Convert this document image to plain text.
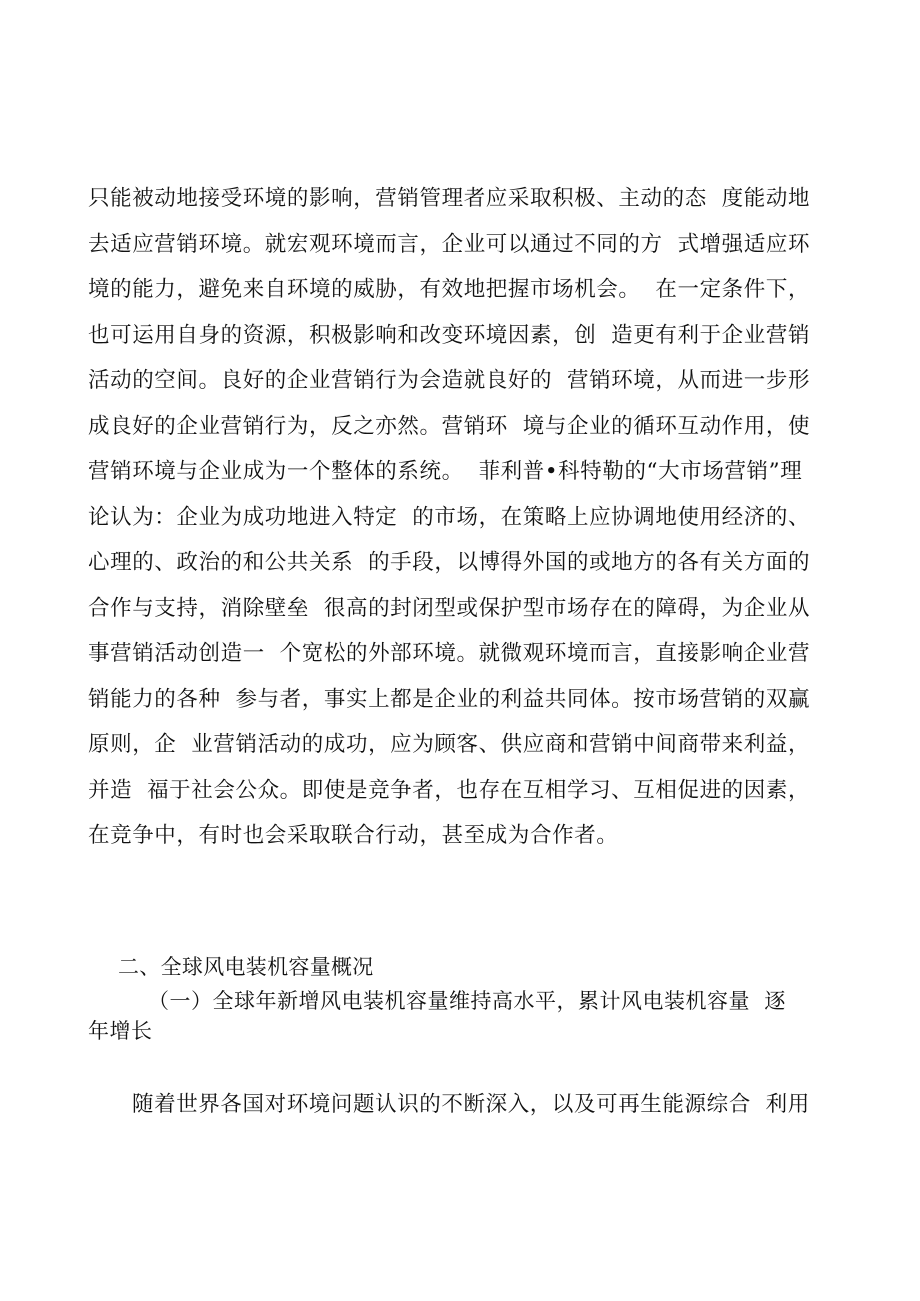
只能被动地接受环境的影响，营销管理者应采取积极、主动的态  度能动地
去适应营销环境。就宏观环境而言，企业可以通过不同的方  式增强适应环
境的能力，避免来自环境的威胁，有效地把握市场机会。  在一定条件下，
也可运用自身的资源，积极影响和改变环境因素，创  造更有利于企业营销
活动的空间。良好的企业营销行为会造就良好的  营销环境，从而进一步形
成良好的企业营销行为，反之亦然。营销环  境与企业的循环互动作用，使
营销环境与企业成为一个整体的系统。  菲利普•科特勒的“大市场营销”理
论认为：企业为成功地进入特定  的市场，在策略上应协调地使用经济的、
心理的、政治的和公共关系  的手段，以博得外国的或地方的各有关方面的
合作与支持，消除壁垒  很高的封闭型或保护型市场存在的障碍，为企业从
事营销活动创造一  个宽松的外部环境。就微观环境而言，直接影响企业营
销能力的各种  参与者，事实上都是企业的利益共同体。按市场营销的双赢
原则，企  业营销活动的成功，应为顾客、供应商和营销中间商带来利益，
并造  福于社会公众。即使是竞争者，也存在互相学习、互相促进的因素，
在竞争中，有时也会采取联合行动，甚至成为合作者。
二、全球风电装机容量概况
（一）全球年新增风电装机容量维持高水平，累计风电装机容量  逐
年增长
随着世界各国对环境问题认识的不断深入，以及可再生能源综合  利用
